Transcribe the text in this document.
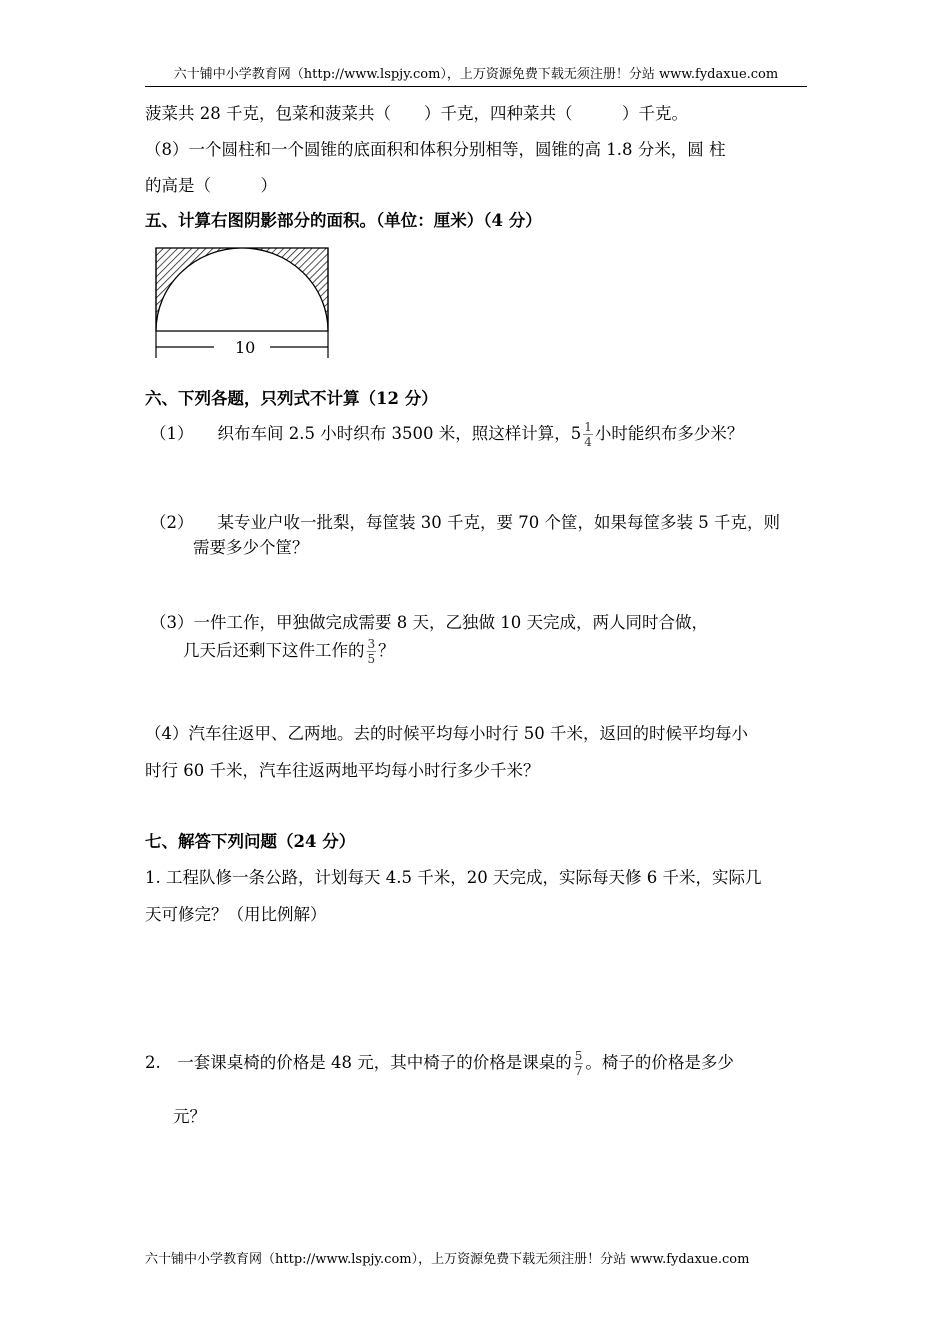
六十铺中小学教育网（http://www.lspjy.com），上万资源免费下载无须注册！分站 www.fydaxue.com
菠菜共 28 千克，包菜和菠菜共（　　）千克，四种菜共（　　　）千克。
（8）一个圆柱和一个圆锥的底面积和体积分别相等，圆锥的高 1.8 分米，圆 柱
的高是（　　　）
五、计算右图阴影部分的面积。（单位：厘米）（4 分）
10
六、下列各题，只列式不计算（12 分）
（1） 织布车间 2.5 小时织布 3500 米，照这样计算，$5 \frac{1}{4}$ 小时能织布多少米？
（2） 某专业户收一批梨，每筐装 30 千克，要 70 个筐，如果每筐多装 5 千克，则
需要多少个筐？
（3）一件工作，甲独做完成需要 8 天，乙独做 10 天完成，两人同时合做，
几天后还剩下这件工作的 $\frac{3}{5}$ ？
（4）汽车往返甲、乙两地。去的时候平均每小时行 50 千米，返回的时候平均每小
时行 60 千米，汽车往返两地平均每小时行多少千米？
七、解答下列问题（24 分）
1. 工程队修一条公路，计划每天 4.5 千米，20 天完成，实际每天修 6 千米，实际几
天可修完？（用比例解）
2.　一套课桌椅的价格是 48 元，其中椅子的价格是课桌的 $\frac{5}{7}$ 。椅子的价格是多少
元？
六十铺中小学教育网（http://www.lspjy.com），上万资源免费下载无须注册！分站 www.fydaxue.com
